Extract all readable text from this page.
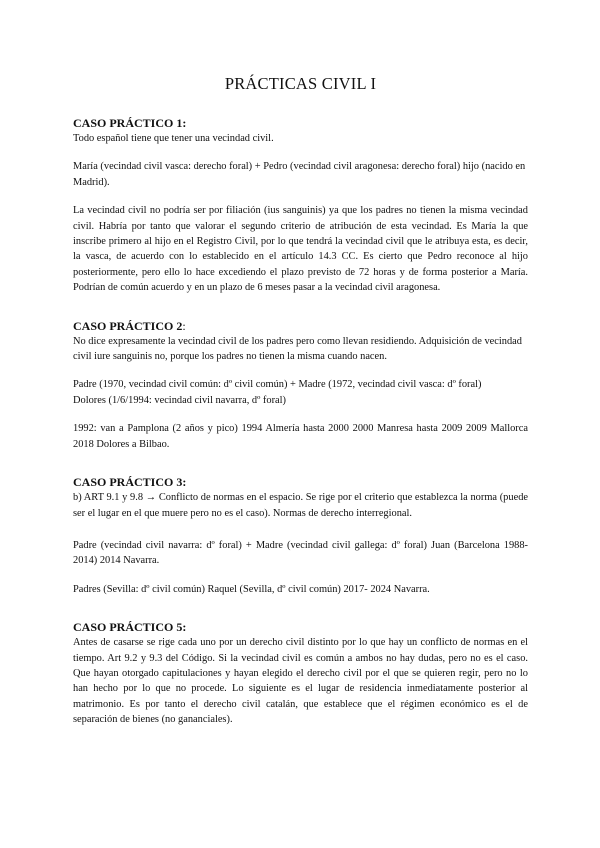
PRÁCTICAS CIVIL I

CASO PRÁCTICO 1:

Todo español tiene que tener una vecindad civil.

María (vecindad civil vasca: derecho foral) + Pedro (vecindad civil aragonesa: derecho foral) hijo (nacido en Madrid).

La vecindad civil no podría ser por filiación (ius sanguinis) ya que los padres no tienen la misma vecindad civil. Habría por tanto que valorar el segundo criterio de atribución de esta vecindad. Es María la que inscribe primero al hijo en el Registro Civil, por lo que tendrá la vecindad civil que le atribuya esta, es decir, la vasca, de acuerdo con lo establecido en el artículo 14.3 CC. Es cierto que Pedro reconoce al hijo posteriormente, pero ello lo hace excediendo el plazo previsto de 72 horas y de forma posterior a María. Podrían de común acuerdo y en un plazo de 6 meses pasar a la vecindad civil aragonesa.

CASO PRÁCTICO 2:

No dice expresamente la vecindad civil de los padres pero como llevan residiendo. Adquisición de vecindad civil iure sanguinis no, porque los padres no tienen la misma cuando nacen.

Padre (1970, vecindad civil común: dº civil común) + Madre (1972, vecindad civil vasca: dº foral)

Dolores (1/6/1994: vecindad civil navarra, dº foral)

1992: van a Pamplona (2 años y pico) 1994 Almería hasta 2000 2000 Manresa hasta 2009 2009 Mallorca 2018 Dolores a Bilbao.

CASO PRÁCTICO 3:

b) ART 9.1 y 9.8 → Conflicto de normas en el espacio. Se rige por el criterio que establezca la norma (puede ser el lugar en el que muere pero no es el caso). Normas de derecho interregional.

Padre (vecindad civil navarra: dº foral) + Madre (vecindad civil gallega: dº foral) Juan (Barcelona 1988- 2014) 2014 Navarra.

Padres (Sevilla: dº civil común) Raquel (Sevilla, dº civil común) 2017- 2024 Navarra.

CASO PRÁCTICO 5:

Antes de casarse se rige cada uno por un derecho civil distinto por lo que hay un conflicto de normas en el tiempo. Art 9.2 y 9.3 del Código. Si la vecindad civil es común a ambos no hay dudas, pero no es el caso. Que hayan otorgado capitulaciones y hayan elegido el derecho civil por el que se quieren regir, pero no lo han hecho por lo que no procede. Lo siguiente es el lugar de residencia inmediatamente posterior al matrimonio. Es por tanto el derecho civil catalán, que establece que el régimen económico es el de separación de bienes (no gananciales).
